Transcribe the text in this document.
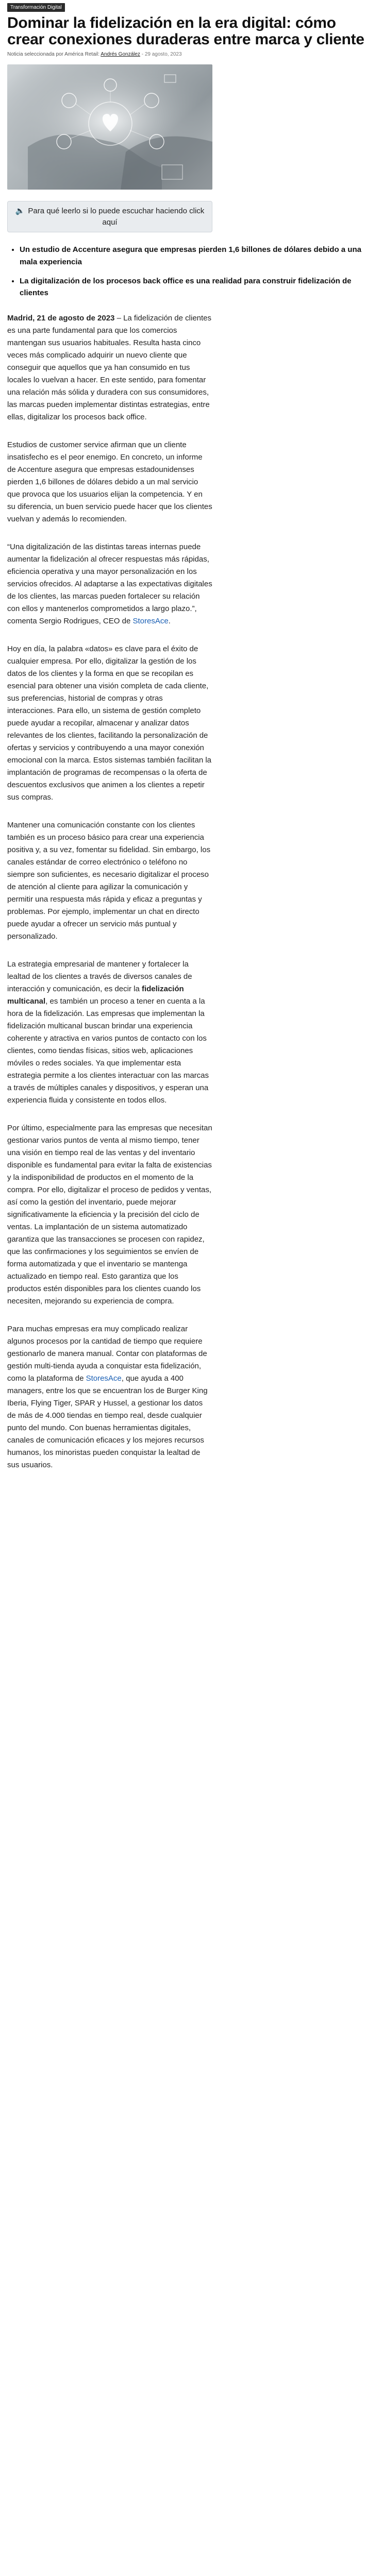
Transformación Digital
Dominar la fidelización en la era digital: cómo crear conexiones duraderas entre marca y cliente
Noticia seleccionada por América Retail: Andrés González - 29 agosto, 2023
🔈 Para qué leerlo si lo puede escuchar haciendo click aquí
• Un estudio de Accenture asegura que empresas pierden 1,6 billones de dólares debido a una mala experiencia
• La digitalización de los procesos back office es una realidad para construir fidelización de clientes

Madrid, 21 de agosto de 2023 – La fidelización de clientes es una parte fundamental para que los comercios mantengan sus usuarios habituales. Resulta hasta cinco veces más complicado adquirir un nuevo cliente que conseguir que aquellos que ya han consumido en tus locales lo vuelvan a hacer. En este sentido, para fomentar una relación más sólida y duradera con sus consumidores, las marcas pueden implementar distintas estrategias, entre ellas, digitalizar los procesos back office.

Estudios de customer service afirman que un cliente insatisfecho es el peor enemigo. En concreto, un informe de Accenture asegura que empresas estadounidenses pierden 1,6 billones de dólares debido a un mal servicio que provoca que los usuarios elijan la competencia. Y en su diferencia, un buen servicio puede hacer que los clientes vuelvan y además lo recomienden.

“Una digitalización de las distintas tareas internas puede aumentar la fidelización al ofrecer respuestas más rápidas, eficiencia operativa y una mayor personalización en los servicios ofrecidos. Al adaptarse a las expectativas digitales de los clientes, las marcas pueden fortalecer su relación con ellos y mantenerlos comprometidos a largo plazo.”, comenta Sergio Rodrigues, CEO de StoresAce.

Hoy en día, la palabra «datos» es clave para el éxito de cualquier empresa. Por ello, digitalizar la gestión de los datos de los clientes y la forma en que se recopilan es esencial para obtener una visión completa de cada cliente, sus preferencias, historial de compras y otras interacciones. Para ello, un sistema de gestión completo puede ayudar a recopilar, almacenar y analizar datos relevantes de los clientes, facilitando la personalización de ofertas y servicios y contribuyendo a una mayor conexión emocional con la marca. Estos sistemas también facilitan la implantación de programas de recompensas o la oferta de descuentos exclusivos que animen a los clientes a repetir sus compras.

Mantener una comunicación constante con los clientes también es un proceso básico para crear una experiencia positiva y, a su vez, fomentar su fidelidad. Sin embargo, los canales estándar de correo electrónico o teléfono no siempre son suficientes, es necesario digitalizar el proceso de atención al cliente para agilizar la comunicación y permitir una respuesta más rápida y eficaz a preguntas y problemas. Por ejemplo, implementar un chat en directo puede ayudar a ofrecer un servicio más puntual y personalizado.

La estrategia empresarial de mantener y fortalecer la lealtad de los clientes a través de diversos canales de interacción y comunicación, es decir la fidelización multicanal, es también un proceso a tener en cuenta a la hora de la fidelización. Las empresas que implementan la fidelización multicanal buscan brindar una experiencia coherente y atractiva en varios puntos de contacto con los clientes, como tiendas físicas, sitios web, aplicaciones móviles o redes sociales. Ya que implementar esta estrategia permite a los clientes interactuar con las marcas a través de múltiples canales y dispositivos, y esperan una experiencia fluida y consistente en todos ellos.

Por último, especialmente para las empresas que necesitan gestionar varios puntos de venta al mismo tiempo, tener una visión en tiempo real de las ventas y del inventario disponible es fundamental para evitar la falta de existencias y la indisponibilidad de productos en el momento de la compra. Por ello, digitalizar el proceso de pedidos y ventas, así como la gestión del inventario, puede mejorar significativamente la eficiencia y la precisión del ciclo de ventas. La implantación de un sistema automatizado garantiza que las transacciones se procesen con rapidez, que las confirmaciones y los seguimientos se envíen de forma automatizada y que el inventario se mantenga actualizado en tiempo real. Esto garantiza que los productos estén disponibles para los clientes cuando los necesiten, mejorando su experiencia de compra.

Para muchas empresas era muy complicado realizar algunos procesos por la cantidad de tiempo que requiere gestionarlo de manera manual. Contar con plataformas de gestión multi-tienda ayuda a conquistar esta fidelización, como la plataforma de StoresAce, que ayuda a 400 managers, entre los que se encuentran los de Burger King Iberia, Flying Tiger, SPAR y Hussel, a gestionar los datos de más de 4.000 tiendas en tiempo real, desde cualquier punto del mundo. Con buenas herramientas digitales, canales de comunicación eficaces y los mejores recursos humanos, los minoristas pueden conquistar la lealtad de sus usuarios.
